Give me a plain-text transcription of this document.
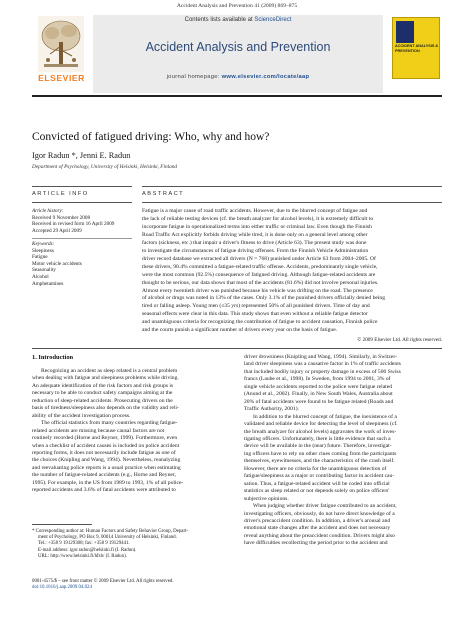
Accident Analysis and Prevention 41 (2009) 869–875
ELSEVIER
Contents lists available at ScienceDirect
Accident Analysis and Prevention
journal homepage: www.elsevier.com/locate/aap
ACCIDENT ANALYSIS & PREVENTION
Convicted of fatigued driving: Who, why and how?
Igor Radun *, Jenni E. Radun
Department of Psychology, University of Helsinki, Helsinki, Finland
ARTICLE INFO	ABSTRACT
Article history:
Received 9 November 2008
Received in revised form 16 April 2009
Accepted 29 April 2009
Keywords:
Sleepiness
Fatigue
Motor vehicle accidents
Seasonality
Alcohol
Amphetamines
Fatigue is a major cause of road traffic accidents. However, due to the blurred concept of fatigue and
the lack of reliable testing devices (cf. the breath analyzer for alcohol levels), it is extremely difficult to
incorporate fatigue in operationalized terms into either traffic or criminal law. Even though the Finnish
Road Traffic Act explicitly forbids driving while tired, it is done only on a general level among other
factors (sickness, etc.) that impair a driver's fitness to drive (Article 63). The present study was done
to investigate the circumstances of fatigue driving offenses. From the Finnish Vehicle Administration
driver record database we extracted all drivers (N = 768) punished under Article 63 from 2004–2005. Of
these drivers, 90.4% committed a fatigue-related traffic offense. Accidents, predominantly single vehicle,
were the most common (92.5%) consequence of fatigued driving. Although fatigue-related accidents are
thought to be serious, our data shows that most of the accidents (81.6%) did not involve personal injuries.
Almost every twentieth driver was punished because his vehicle was drifting on the road. The presence
of alcohol or drugs was noted in 13% of the cases. Only 3.1% of the punished drivers officially denied being
tired or falling asleep. Young men (≤35 yrs) represented 50% of all punished drivers. Time of day and
seasonal effects were clear in this data. This study shows that even without a reliable fatigue detector
and unambiguous criteria for recognizing the contribution of fatigue to accident causation, Finnish police
and the courts punish a significant number of drivers every year on the basis of fatigue.
© 2009 Elsevier Ltd. All rights reserved.
1. Introduction
Recognizing an accident as sleep related is a central problem
when dealing with fatigue and sleepiness problems while driving.
An adequate identification of the risk factors and risk groups is
necessary to be able to conduct safety campaigns aiming at the
reduction of sleep-related accidents. Prosecuting drivers on the
basis of tiredness/sleepiness also depends on the validity and reli-
ability of the accident investigation process.
The official statistics from many countries regarding fatigue-
related accidents are missing because causal factors are not
routinely recorded (Horne and Reyner, 1999). Furthermore, even
when a checklist of accident causes is included on police accident
reporting forms, it does not necessarily include fatigue as one of
the choices (Knipling and Wang, 1994). Nevertheless, reanalyzing
and reevaluating police reports is a usual practice when estimating
the number of fatigue-related accidents (e.g., Horne and Reyner,
1995). For example, in the US from 1989 to 1993, 1% of all police-
reported accidents and 3.6% of fatal accidents were attributed to
driver drowsiness (Knipling and Wang, 1994). Similarly, in Switzer-
land driver sleepiness was a causative factor in 1% of traffic accidents
that included bodily injury or property damage in excess of 500 Swiss
francs (Laube et al., 1998). In Sweden, from 1994 to 2001, 3% of
single vehicle accidents reported to the police were fatigue related
(Anund et al., 2002). Finally, in New South Wales, Australia about
20% of fatal accidents were found to be fatigue related (Roads and
Traffic Authority, 2001).
In addition to the blurred concept of fatigue, the inexistence of a
validated and reliable device for detecting the level of sleepiness (cf.
the breath analyzer for alcohol levels) aggravates the work of inves-
tigating officers. Unfortunately, there is little evidence that such a
device will be available in the (near) future. Therefore, investigat-
ing officers have to rely on other clues coming from the participants
themselves, eyewitnesses, and the characteristics of the crash itself.
However, there are no criteria for the unambiguous detection of
fatigue/sleepiness as a major or contributing factor in accident cau-
sation. Thus, a fatigue-related accident will be coded into official
statistics as sleep related or not depends solely on police officers'
subjective opinions.
When judging whether driver fatigue contributed to an accident,
investigating officers, obviously, do not have direct knowledge of a
driver's precaccident condition. In addition, a driver's arousal and
emotional state changes after the accident and does not necessary
reveal anything about the preaccident condition. Drivers might also
have difficulties recollecting the period prior to the accident and
* Corresponding author at: Human Factors and Safety Behavior Group, Depart-
ment of Psychology, PO Box 9, 00014 University of Helsinki, Finland.
Tel.: +358 9 19129308; fax: +358 9 19129441.
E-mail address: igor.radun@helsinki.fi (I. Radun).
URL: http://www.helsinki.fi/hfsb/ (I. Radun).
0001-4575/$ – see front matter © 2009 Elsevier Ltd. All rights reserved.
doi:10.1016/j.aap.2009.04.024
